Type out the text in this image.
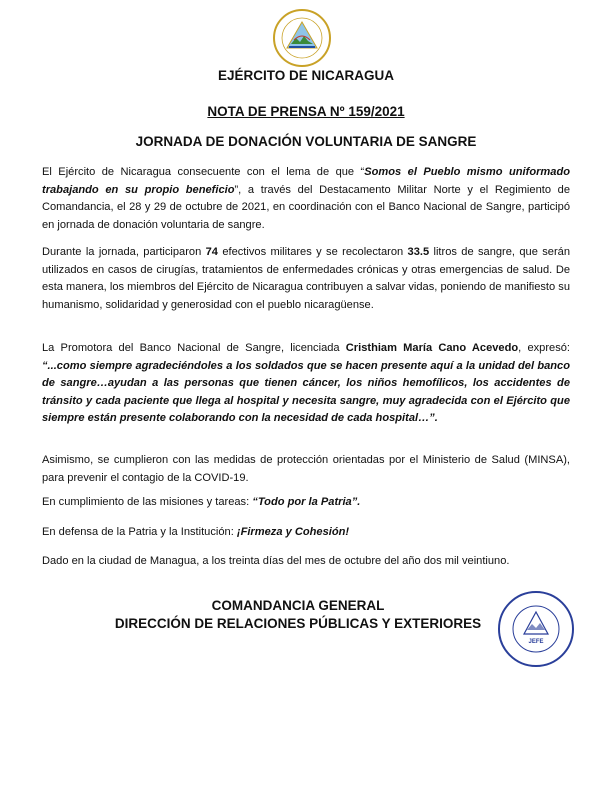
EJÉRCITO DE NICARAGUA
NOTA DE PRENSA Nº 159/2021
JORNADA DE DONACIÓN VOLUNTARIA DE SANGRE
El Ejército de Nicaragua consecuente con el lema de que “Somos el Pueblo mismo uniformado trabajando en su propio beneficio”, a través del Destacamento Militar Norte y el Regimiento de Comandancia, el 28 y 29 de octubre de 2021, en coordinación con el Banco Nacional de Sangre, participó en jornada de donación voluntaria de sangre.
Durante la jornada, participaron 74 efectivos militares y se recolectaron 33.5 litros de sangre, que serán utilizados en casos de cirugías, tratamientos de enfermedades crónicas y otras emergencias de salud. De esta manera, los miembros del Ejército de Nicaragua contribuyen a salvar vidas, poniendo de manifiesto su humanismo, solidaridad y generosidad con el pueblo nicaragüense.
La Promotora del Banco Nacional de Sangre, licenciada Cristhiam María Cano Acevedo, expresó: “...como siempre agradeciéndoles a los soldados que se hacen presente aquí a la unidad del banco de sangre…ayudan a las personas que tienen cáncer, los niños hemofílicos, los accidentes de tránsito y cada paciente que llega al hospital y necesita sangre, muy agradecida con el Ejército que siempre están presente colaborando con la necesidad de cada hospital…”.
Asimismo, se cumplieron con las medidas de protección orientadas por el Ministerio de Salud (MINSA), para prevenir el contagio de la COVID-19.
En cumplimiento de las misiones y tareas: “Todo por la Patria”.
En defensa de la Patria y la Institución: ¡Firmeza y Cohesión!
Dado en la ciudad de Managua, a los treinta días del mes de octubre del año dos mil veintiuno.
COMANDANCIA GENERAL
DIRECCIÓN DE RELACIONES PÚBLICAS Y EXTERIORES
JEFE
